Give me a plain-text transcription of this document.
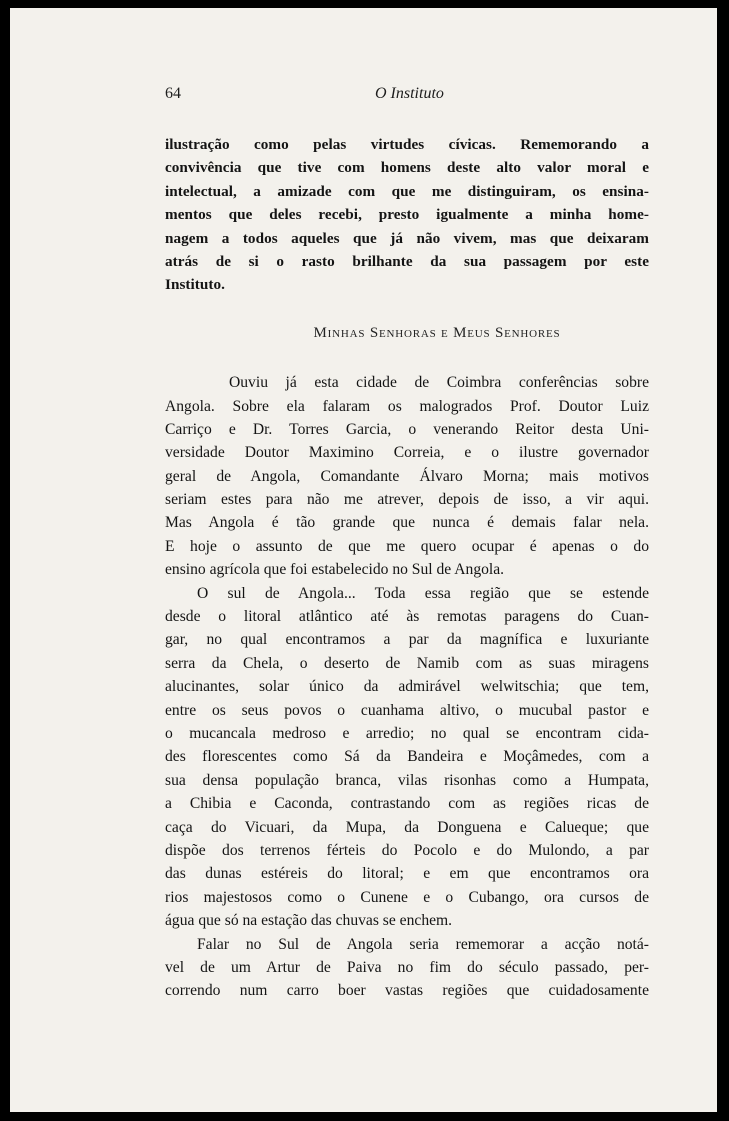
64	O Instituto
ilustração como pelas virtudes cívicas. Rememorando a
convivência que tive com homens deste alto valor moral e
intelectual, a amizade com que me distinguiram, os ensina-
mentos que deles recebi, presto igualmente a minha home-
nagem a todos aqueles que já não vivem, mas que deixaram
atrás de si o rasto brilhante da sua passagem por este
Instituto.
Minhas Senhoras e Meus Senhores
Ouviu já esta cidade de Coimbra conferências sobre
Angola. Sobre ela falaram os malogrados Prof. Doutor Luiz
Carriço e Dr. Torres Garcia, o venerando Reitor desta Uni-
versidade Doutor Maximino Correia, e o ilustre governador
geral de Angola, Comandante Álvaro Morna; mais motivos
seriam estes para não me atrever, depois de isso, a vir aqui.
Mas Angola é tão grande que nunca é demais falar nela.
E hoje o assunto de que me quero ocupar é apenas o do
ensino agrícola que foi estabelecido no Sul de Angola.
O sul de Angola... Toda essa região que se estende
desde o litoral atlântico até às remotas paragens do Cuan-
gar, no qual encontramos a par da magnífica e luxuriante
serra da Chela, o deserto de Namib com as suas miragens
alucinantes, solar único da admirável welwitschia; que tem,
entre os seus povos o cuanhama altivo, o mucubal pastor e
o mucancala medroso e arredio; no qual se encontram cida-
des florescentes como Sá da Bandeira e Moçâmedes, com a
sua densa população branca, vilas risonhas como a Humpata,
a Chibia e Caconda, contrastando com as regiões ricas de
caça do Vicuari, da Mupa, da Donguena e Calueque; que
dispõe dos terrenos férteis do Pocolo e do Mulondo, a par
das dunas estéreis do litoral; e em que encontramos ora
rios majestosos como o Cunene e o Cubango, ora cursos de
água que só na estação das chuvas se enchem.
Falar no Sul de Angola seria rememorar a acção notá-
vel de um Artur de Paiva no fim do século passado, per-
correndo num carro boer vastas regiões que cuidadosamente
